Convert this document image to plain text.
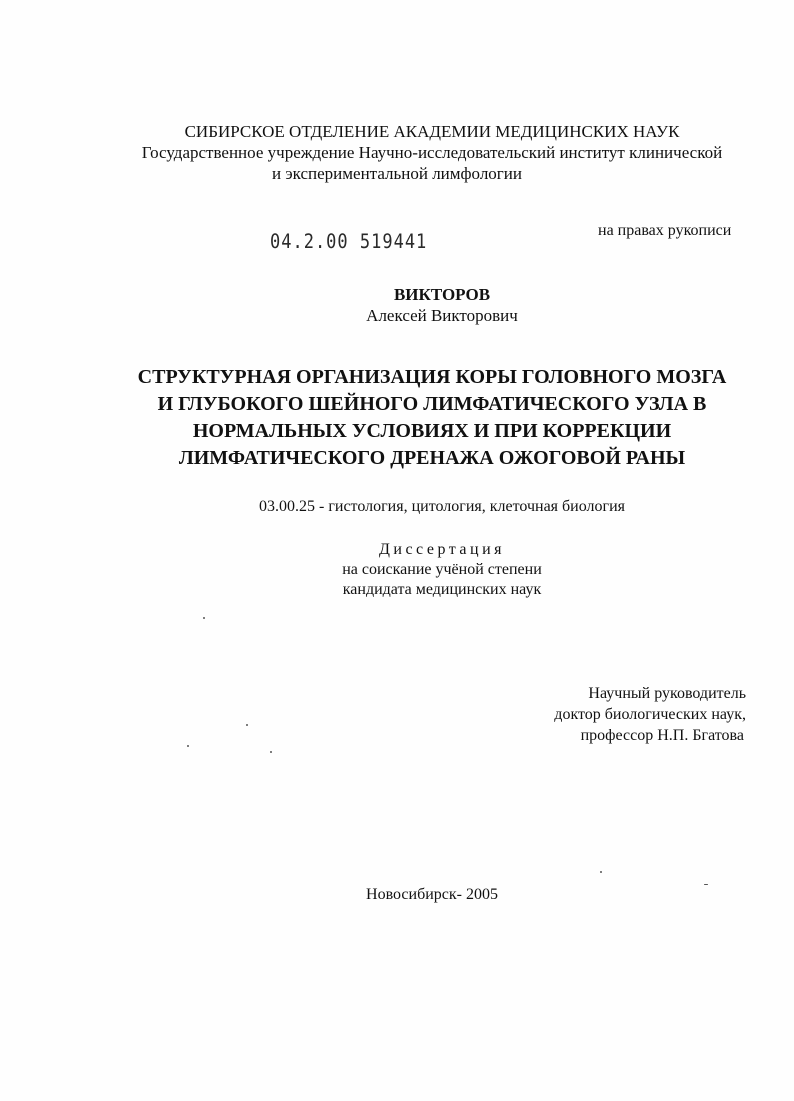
СИБИРСКОЕ ОТДЕЛЕНИЕ АКАДЕМИИ МЕДИЦИНСКИХ НАУК
Государственное учреждение Научно-исследовательский институт клинической
и экспериментальной лимфологии
04.2.00 519441	на правах рукописи
ВИКТОРОВ
Алексей Викторович
СТРУКТУРНАЯ ОРГАНИЗАЦИЯ КОРЫ ГОЛОВНОГО МОЗГА
И ГЛУБОКОГО ШЕЙНОГО ЛИМФАТИЧЕСКОГО УЗЛА В
НОРМАЛЬНЫХ УСЛОВИЯХ И ПРИ КОРРЕКЦИИ
ЛИМФАТИЧЕСКОГО ДРЕНАЖА ОЖОГОВОЙ РАНЫ
03.00.25 - гистология, цитология, клеточная биология
Диссертация
на соискание учёной степени
кандидата медицинских наук
Научный руководитель
доктор биологических наук,
профессор Н.П. Бгатова
Новосибирск- 2005
